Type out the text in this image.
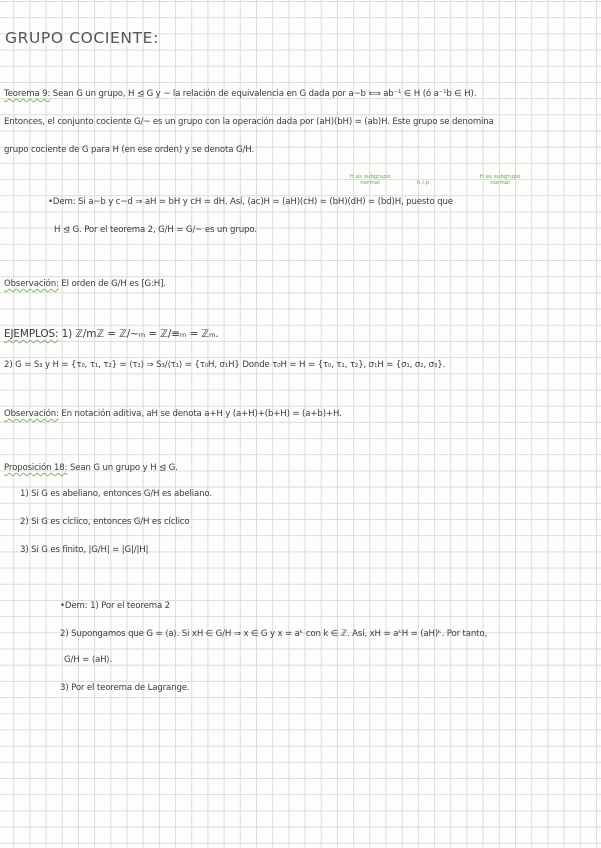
GRUPO COCIENTE:
Teorema 9: Sean G un grupo, H ⊴ G y ~ la relación de equivalencia en G dada por a~b ⟺ ab⁻¹ ∈ H (ó a⁻¹b ∈ H).
Entonces, el conjunto cociente G/~ es un grupo con la operación dada por (aH)(bH) = (ab)H. Este grupo se denomina
grupo cociente de G para H (en ese orden) y se denota G/H.
H es subgrupo normal	h.i.p
H es subgrupo normal
•Dem: Si a~b y c~d ⇒ aH = bH y cH = dH. Así, (ac)H = (aH)(cH) = (bH)(dH) = (bd)H, puesto que
H ⊴ G. Por el teorema 2, G/H = G/~ es un grupo.
Observación: El orden de G/H es [G:H].
EJEMPLOS: 1) ℤ/mℤ = ℤ/~ₘ = ℤ/≡ₘ = ℤₘ.
2) G = S₃ y H = {τ₀, τ₁, τ₂} = ⟨τ₁⟩ ⇒ S₃/⟨τ₁⟩ = {τ₀H, σ₁H} Donde τ₀H = H = {τ₀, τ₁, τ₂}, σ₁H = {σ₁, σ₂, σ₃}.
Observación: En notación aditiva, aH se denota a+H y (a+H)+(b+H) = (a+b)+H.
Proposición 18: Sean G un grupo y H ⊴ G.
1) Si G es abeliano, entonces G/H es abeliano.
2) Si G es cíclico, entonces G/H es cíclico
3) Si G es finito, |G/H| = |G|/|H|
•Dem: 1) Por el teorema 2
2) Supongamos que G = ⟨a⟩. Si xH ∈ G/H ⇒ x ∈ G y x = aᵏ con k ∈ ℤ. Así, xH = aᵏH = (aH)ᵏ. Por tanto,
G/H = ⟨aH⟩.
3) Por el teorema de Lagrange.
